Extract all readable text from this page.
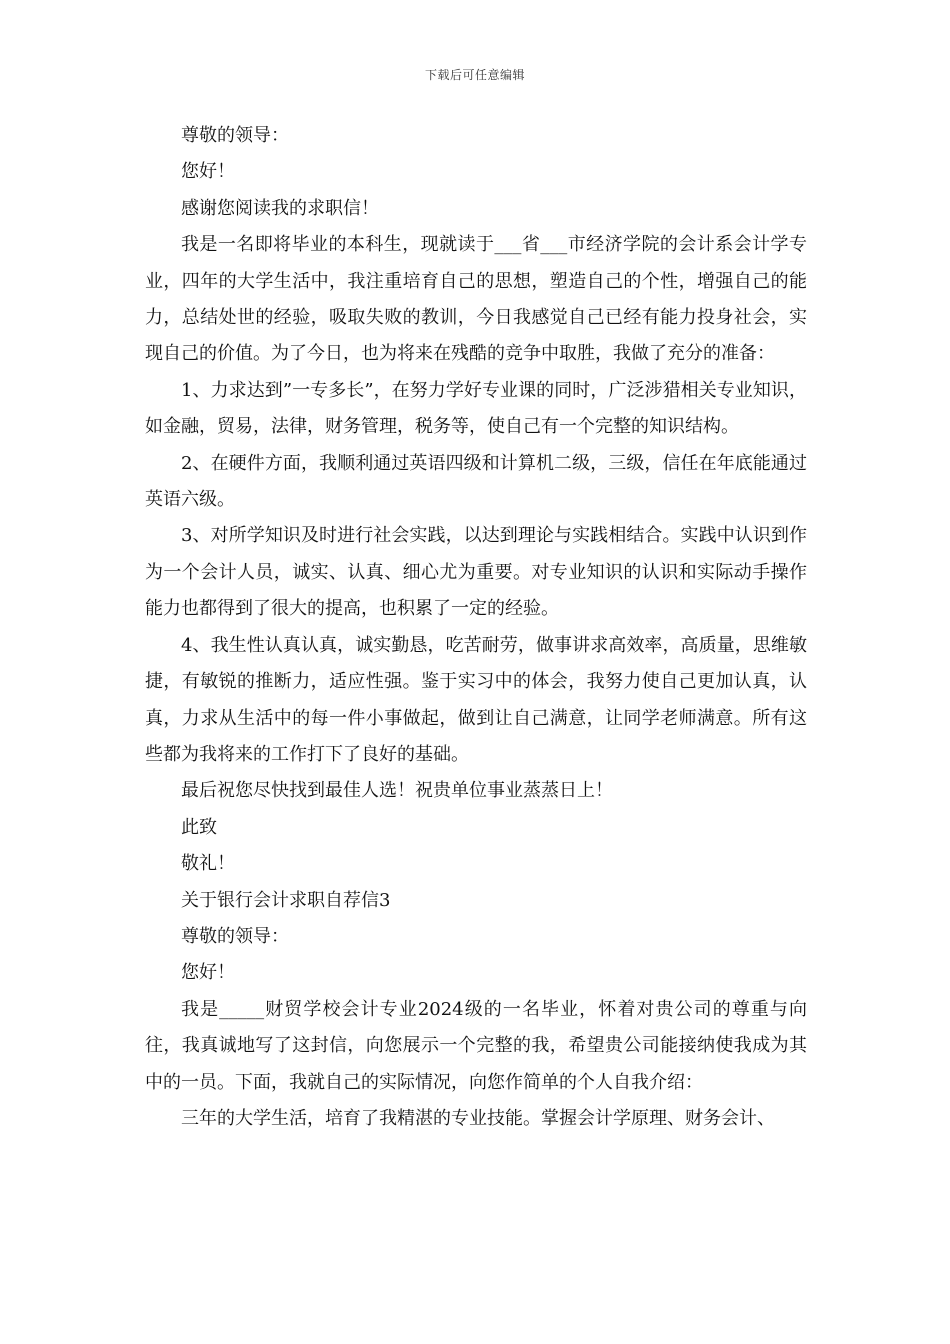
下载后可任意编辑

尊敬的领导：

您好！

感谢您阅读我的求职信！

我是一名即将毕业的本科生，现就读于___省___市经济学院的会计系会计学专业，四年的大学生活中，我注重培育自己的思想，塑造自己的个性，增强自己的能力，总结处世的经验，吸取失败的教训，今日我感觉自己已经有能力投身社会，实现自己的价值。为了今日，也为将来在残酷的竞争中取胜，我做了充分的准备：

1、力求达到”一专多长”，在努力学好专业课的同时，广泛涉猎相关专业知识，如金融，贸易，法律，财务管理，税务等，使自己有一个完整的知识结构。

2、在硬件方面，我顺利通过英语四级和计算机二级，三级，信任在年底能通过英语六级。

3、对所学知识及时进行社会实践，以达到理论与实践相结合。实践中认识到作为一个会计人员，诚实、认真、细心尤为重要。对专业知识的认识和实际动手操作能力也都得到了很大的提高，也积累了一定的经验。

4、我生性认真认真，诚实勤恳，吃苦耐劳，做事讲求高效率，高质量，思维敏捷，有敏锐的推断力，适应性强。鉴于实习中的体会，我努力使自己更加认真，认真，力求从生活中的每一件小事做起，做到让自己满意，让同学老师满意。所有这些都为我将来的工作打下了良好的基础。

最后祝您尽快找到最佳人选！祝贵单位事业蒸蒸日上！

此致

敬礼！

关于银行会计求职自荐信3

尊敬的领导：

您好！

我是_____财贸学校会计专业2024级的一名毕业，怀着对贵公司的尊重与向往，我真诚地写了这封信，向您展示一个完整的我，希望贵公司能接纳使我成为其中的一员。下面，我就自己的实际情况，向您作简单的个人自我介绍：

三年的大学生活，培育了我精湛的专业技能。掌握会计学原理、财务会计、
